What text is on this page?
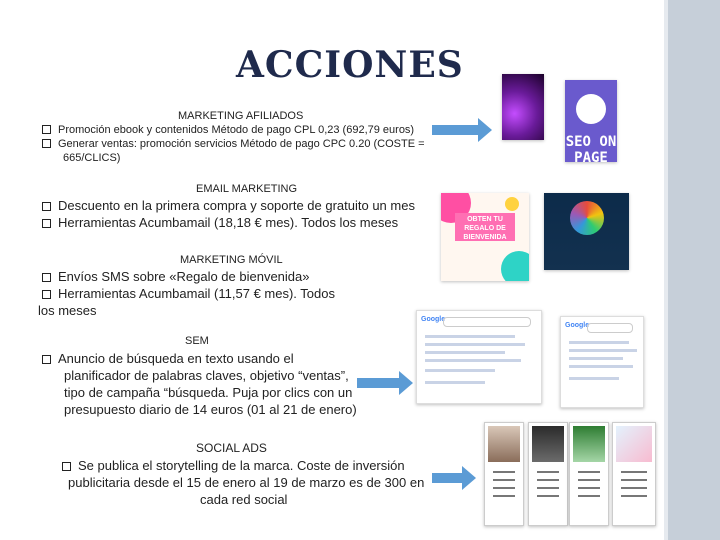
ACCIONES
MARKETING AFILIADOS
Promoción ebook y contenidos Método de pago CPL 0,23 (692,79 euros)
Generar ventas: promoción servicios Método de pago CPC 0.20 (COSTE =
665/CLICS)
SEO ON PAGE
EMAIL MARKETING
Descuento en la primera compra y soporte de gratuito un mes
Herramientas Acumbamail (18,18 € mes). Todos los meses	OBTEN TU REGALO DE BIENVENIDA
MARKETING MÓVIL
Envíos SMS sobre «Regalo de bienvenida»
Herramientas Acumbamail (11,57 € mes). Todos
los meses
SEM
Anuncio de búsqueda en texto usando el
planificador de palabras claves, objetivo “ventas”,
tipo de campaña “búsqueda. Puja por clics con un
presupuesto diario de 14 euros (01 al 21 de enero)
Google
Google
SOCIAL ADS
Se publica el storytelling de la marca. Coste de inversión
publicitaria desde el 15 de enero al 19 de marzo es de 300 en
cada red social
